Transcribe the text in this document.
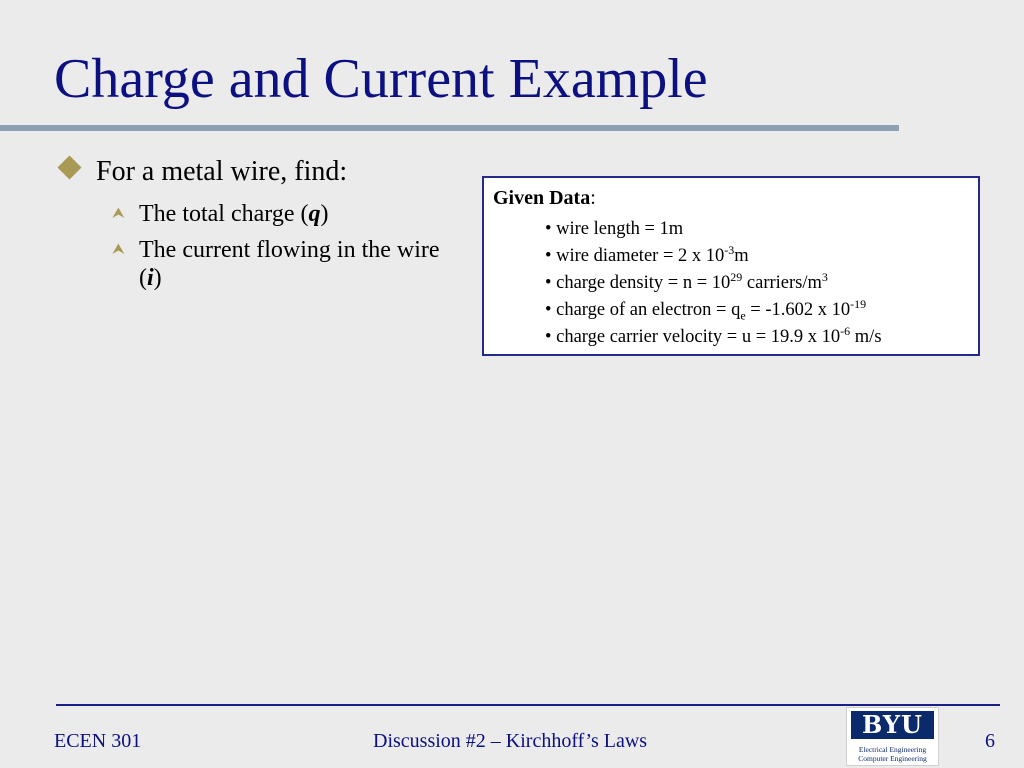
Charge and Current Example
For a metal wire, find:
⮝ The total charge (q)
⮝ The current flowing in the wire (i)
Given Data:
• wire length = 1m
• wire diameter = 2 x $10^{-3}m$
• charge density = $n = 10^{29}$ carriers/$m^3$
• charge of an electron = $q_e = -1.602$ x $10^{-19}$
• charge carrier velocity = u = 19.9 x $10^{-6}$ m/s
ECEN 301	Discussion #2 – Kirchhoff’s Laws
BYU
Electrical Engineering
Computer Engineering
6
